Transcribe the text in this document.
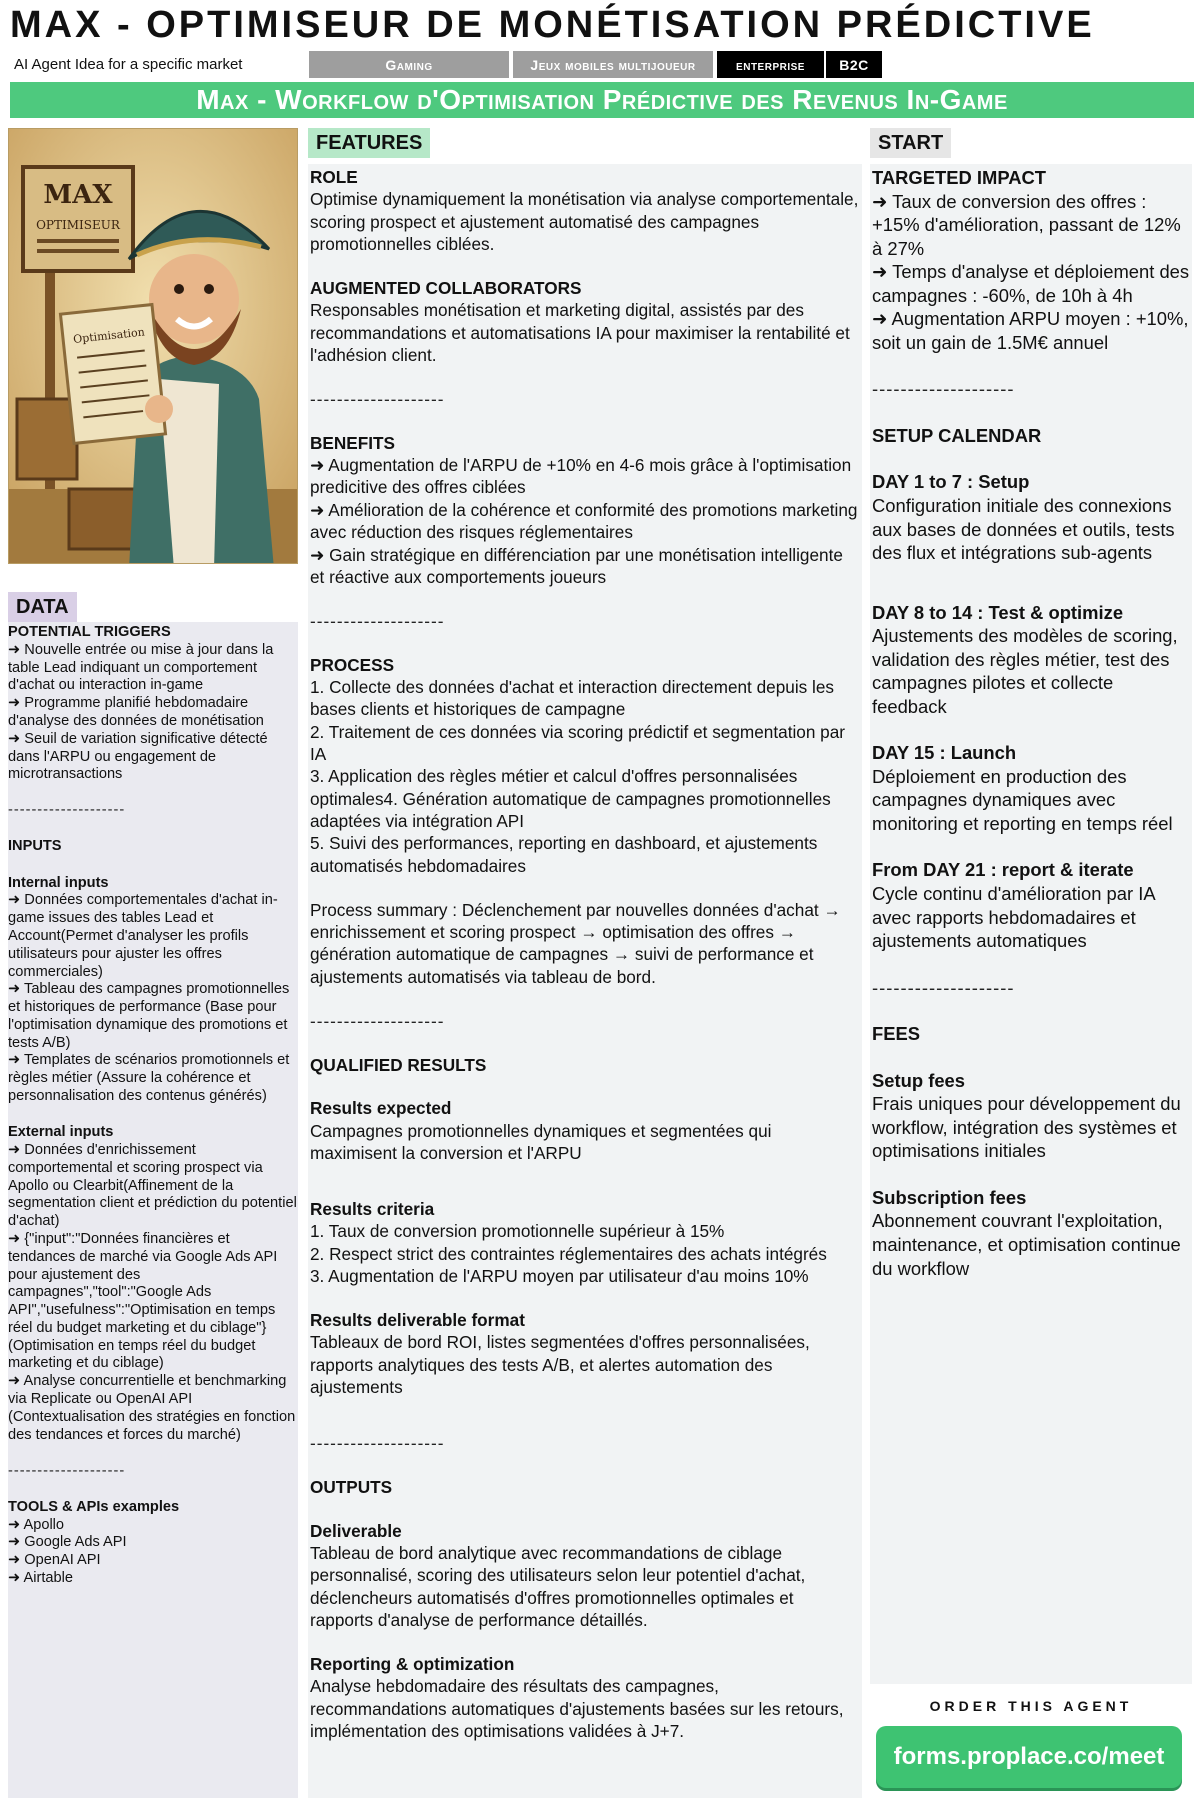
MAX - OPTIMISEUR DE MONÉTISATION PRÉDICTIVE
AI Agent Idea for a specific market	Gaming	Jeux mobiles multijoueur	enterprise	B2C
Max - Workflow d'Optimisation Prédictive des Revenus In-Game
MAX
OPTIMISEUR
Optimisation
DATA
FEATURES	START
POTENTIAL TRIGGERS
➜ Nouvelle entrée ou mise à jour dans la table Lead indiquant un comportement d'achat ou interaction in-game
➜ Programme planifié hebdomadaire d'analyse des données de monétisation
➜ Seuil de variation significative détecté dans l'ARPU ou engagement de microtransactions
--------------------
INPUTS
Internal inputs
➜ Données comportementales d'achat in-game issues des tables Lead et Account(Permet d'analyser les profils utilisateurs pour ajuster les offres commerciales)
➜ Tableau des campagnes promotionnelles et historiques de performance (Base pour l'optimisation dynamique des promotions et tests A/B)
➜ Templates de scénarios promotionnels et règles métier (Assure la cohérence et personnalisation des contenus générés)
External inputs
➜ Données d'enrichissement comportemental et scoring prospect via Apollo ou Clearbit(Affinement de la segmentation client et prédiction du potentiel d'achat)
➜ {"input":"Données financières et tendances de marché via Google Ads API pour ajustement des campagnes","tool":"Google Ads API","usefulness":"Optimisation en temps réel du budget marketing et du ciblage"} (Optimisation en temps réel du budget marketing et du ciblage)
➜ Analyse concurrentielle et benchmarking via Replicate ou OpenAI API (Contextualisation des stratégies en fonction des tendances et forces du marché)
--------------------
TOOLS & APIs examples
➜ Apollo
➜ Google Ads API
➜ OpenAI API
➜ Airtable
ROLE
Optimise dynamiquement la monétisation via analyse comportementale, scoring prospect et ajustement automatisé des campagnes promotionnelles ciblées.
AUGMENTED COLLABORATORS
Responsables monétisation et marketing digital, assistés par des recommandations et automatisations IA pour maximiser la rentabilité et l'adhésion client.
--------------------
BENEFITS
➜ Augmentation de l'ARPU de +10% en 4-6 mois grâce à l'optimisation predicitive des offres ciblées
➜ Amélioration de la cohérence et conformité des promotions marketing avec réduction des risques réglementaires
➜ Gain stratégique en différenciation par une monétisation intelligente et réactive aux comportements joueurs
--------------------
PROCESS
1. Collecte des données d'achat et interaction directement depuis les bases clients et historiques de campagne
2. Traitement de ces données via scoring prédictif et segmentation par IA
3. Application des règles métier et calcul d'offres personnalisées optimales4. Génération automatique de campagnes promotionnelles adaptées via intégration API
5. Suivi des performances, reporting en dashboard, et ajustements automatisés hebdomadaires
Process summary : Déclenchement par nouvelles données d'achat → enrichissement et scoring prospect → optimisation des offres → génération automatique de campagnes → suivi de performance et ajustements automatisés via tableau de bord.
--------------------
QUALIFIED RESULTS
Results expected
Campagnes promotionnelles dynamiques et segmentées qui maximisent la conversion et l'ARPU
Results criteria
1. Taux de conversion promotionnelle supérieur à 15%
2. Respect strict des contraintes réglementaires des achats intégrés
3. Augmentation de l'ARPU moyen par utilisateur d'au moins 10%
Results deliverable format
Tableaux de bord ROI, listes segmentées d'offres personnalisées, rapports analytiques des tests A/B, et alertes automation des ajustements
--------------------
OUTPUTS
Deliverable
Tableau de bord analytique avec recommandations de ciblage personnalisé, scoring des utilisateurs selon leur potentiel d'achat, déclencheurs automatisés d'offres promotionnelles optimales et rapports d'analyse de performance détaillés.
Reporting & optimization
Analyse hebdomadaire des résultats des campagnes, recommandations automatiques d'ajustements basées sur les retours, implémentation des optimisations validées à J+7.
TARGETED IMPACT
➜ Taux de conversion des offres : +15% d'amélioration, passant de 12% à 27%
➜ Temps d'analyse et déploiement des campagnes : -60%, de 10h à 4h
➜ Augmentation ARPU moyen : +10%, soit un gain de 1.5M€ annuel
--------------------
SETUP CALENDAR
DAY 1 to 7 : Setup
Configuration initiale des connexions aux bases de données et outils, tests des flux et intégrations sub-agents
DAY 8 to 14 : Test & optimize
Ajustements des modèles de scoring, validation des règles métier, test des campagnes pilotes et collecte feedback
DAY 15 : Launch
Déploiement en production des campagnes dynamiques avec monitoring et reporting en temps réel
From DAY 21 : report & iterate
Cycle continu d'amélioration par IA avec rapports hebdomadaires et ajustements automatiques
--------------------
FEES
Setup fees
Frais uniques pour développement du workflow, intégration des systèmes et optimisations initiales
Subscription fees
Abonnement couvrant l'exploitation, maintenance, et optimisation continue du workflow
ORDER THIS AGENT
forms.proplace.co/meet
